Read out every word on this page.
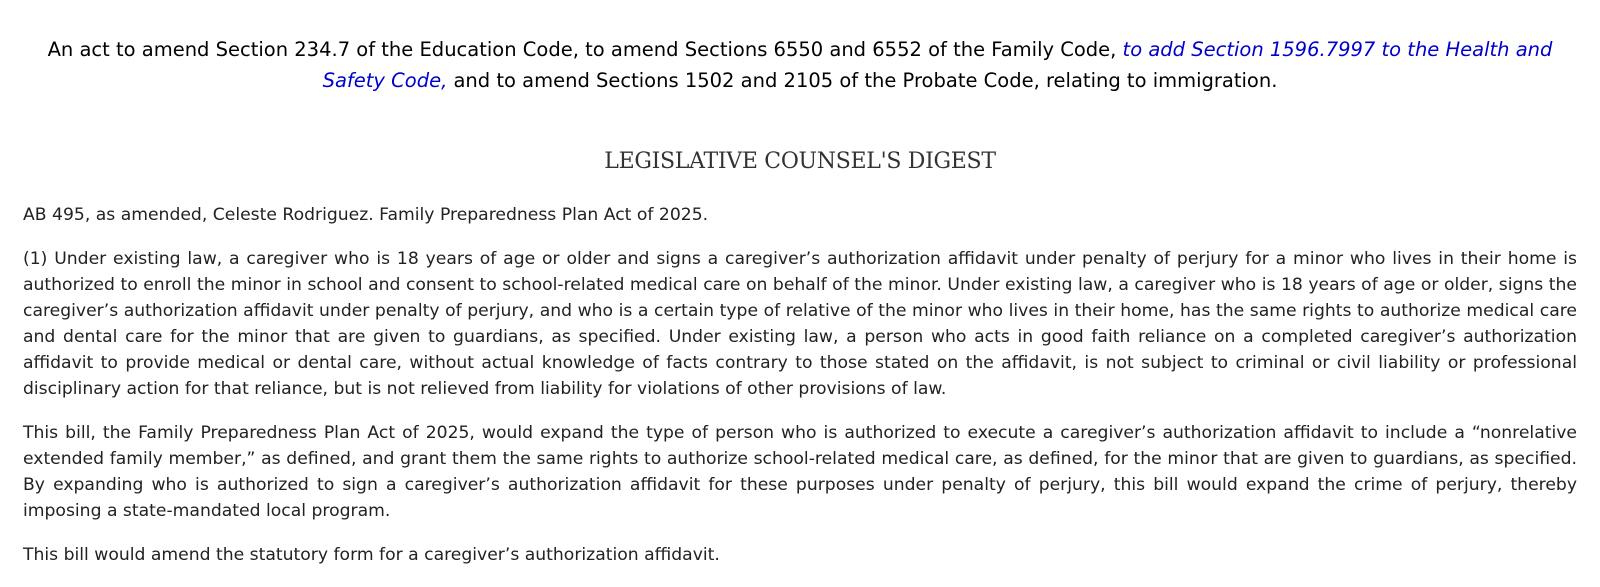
An act to amend Section 234.7 of the Education Code, to amend Sections 6550 and 6552 of the Family Code, to add Section 1596.7997 to the Health and Safety Code, and to amend Sections 1502 and 2105 of the Probate Code, relating to immigration.
LEGISLATIVE COUNSEL'S DIGEST

AB 495, as amended, Celeste Rodriguez. Family Preparedness Plan Act of 2025.

(1) Under existing law, a caregiver who is 18 years of age or older and signs a caregiver’s authorization affidavit under penalty of perjury for a minor who lives in their home is authorized to enroll the minor in school and consent to school-related medical care on behalf of the minor. Under existing law, a caregiver who is 18 years of age or older, signs the caregiver’s authorization affidavit under penalty of perjury, and who is a certain type of relative of the minor who lives in their home, has the same rights to authorize medical care and dental care for the minor that are given to guardians, as specified. Under existing law, a person who acts in good faith reliance on a completed caregiver’s authorization affidavit to provide medical or dental care, without actual knowledge of facts contrary to those stated on the affidavit, is not subject to criminal or civil liability or professional disciplinary action for that reliance, but is not relieved from liability for violations of other provisions of law.

This bill, the Family Preparedness Plan Act of 2025, would expand the type of person who is authorized to execute a caregiver’s authorization affidavit to include a “nonrelative extended family member,” as defined, and grant them the same rights to authorize school-related medical care, as defined, for the minor that are given to guardians, as specified. By expanding who is authorized to sign a caregiver’s authorization affidavit for these purposes under penalty of perjury, this bill would expand the crime of perjury, thereby imposing a state-mandated local program.

This bill would amend the statutory form for a caregiver’s authorization affidavit.
